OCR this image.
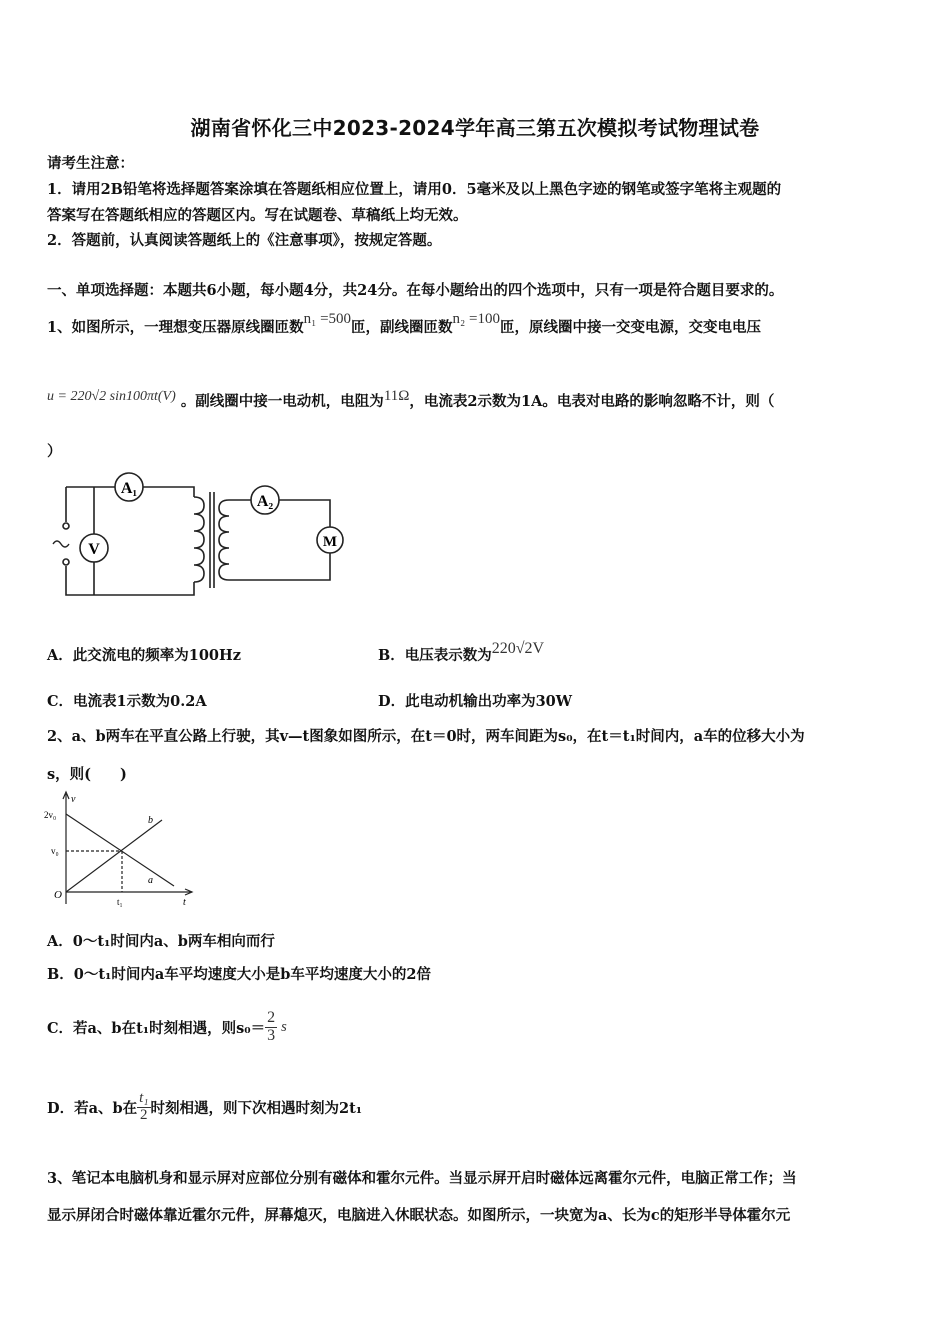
湖南省怀化三中2023-2024学年高三第五次模拟考试物理试卷
请考生注意：
1．请用2B铅笔将选择题答案涂填在答题纸相应位置上，请用0．5毫米及以上黑色字迹的钢笔或签字笔将主观题的
答案写在答题纸相应的答题区内。写在试题卷、草稿纸上均无效。
2．答题前，认真阅读答题纸上的《注意事项》，按规定答题。
一、单项选择题：本题共6小题，每小题4分，共24分。在每小题给出的四个选项中，只有一项是符合题目要求的。
1、如图所示，一理想变压器原线圈匝数n₁ =500匝，副线圈匝数n₂ =100匝，原线圈中接一交变电源，交变电电压
u = 220√2 sin100πt(V) 。副线圈中接一电动机，电阻为11Ω，电流表2示数为1A。电表对电路的影响忽略不计，则（
）
A₁
V
A₂
M
A．此交流电的频率为100Hz	B．电压表示数为220√2V
C．电流表1示数为0.2A	D．此电动机输出功率为30W
2、a、b两车在平直公路上行驶，其v—t图象如图所示，在t＝0时，两车间距为s₀，在t＝t₁时间内，a车的位移大小为
s，则(　　)
v
t
2v₀
v₀
t₁
O
a
b
A．0～t₁时间内a、b两车相向而行
B．0～t₁时间内a车平均速度大小是b车平均速度大小的2倍
C．若a、b在t₁时刻相遇，则$s_0= \frac{2}{3}$ s
D．若a、b在 $\frac{\text{t₁}}{2}$ 时刻相遇，则下次相遇时刻为2t₁
3、笔记本电脑机身和显示屏对应部位分别有磁体和霍尔元件。当显示屏开启时磁体远离霍尔元件，电脑正常工作；当
显示屏闭合时磁体靠近霍尔元件，屏幕熄灭，电脑进入休眠状态。如图所示，一块宽为a、长为c的矩形半导体霍尔元
